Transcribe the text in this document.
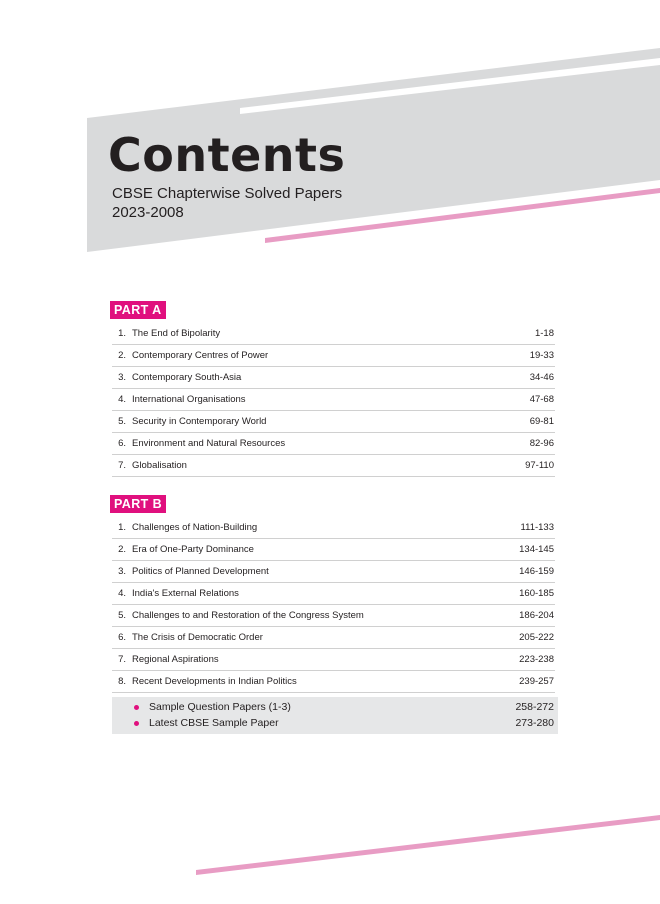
Contents
CBSE Chapterwise Solved Papers
2023-2008
PART A
1. The End of Bipolarity	1-18
2. Contemporary Centres of Power	19-33
3. Contemporary South-Asia	34-46
4. International Organisations	47-68
5. Security in Contemporary World	69-81
6. Environment and Natural Resources	82-96
7. Globalisation	97-110
PART B
1. Challenges of Nation-Building	111-133
2. Era of One-Party Dominance	134-145
3. Politics of Planned Development	146-159
4. India's External Relations	160-185
5. Challenges to and Restoration of the Congress System	186-204
6. The Crisis of Democratic Order	205-222
7. Regional Aspirations	223-238
8. Recent Developments in Indian Politics	239-257
Sample Question Papers (1-3)	258-272
Latest CBSE Sample Paper	273-280
